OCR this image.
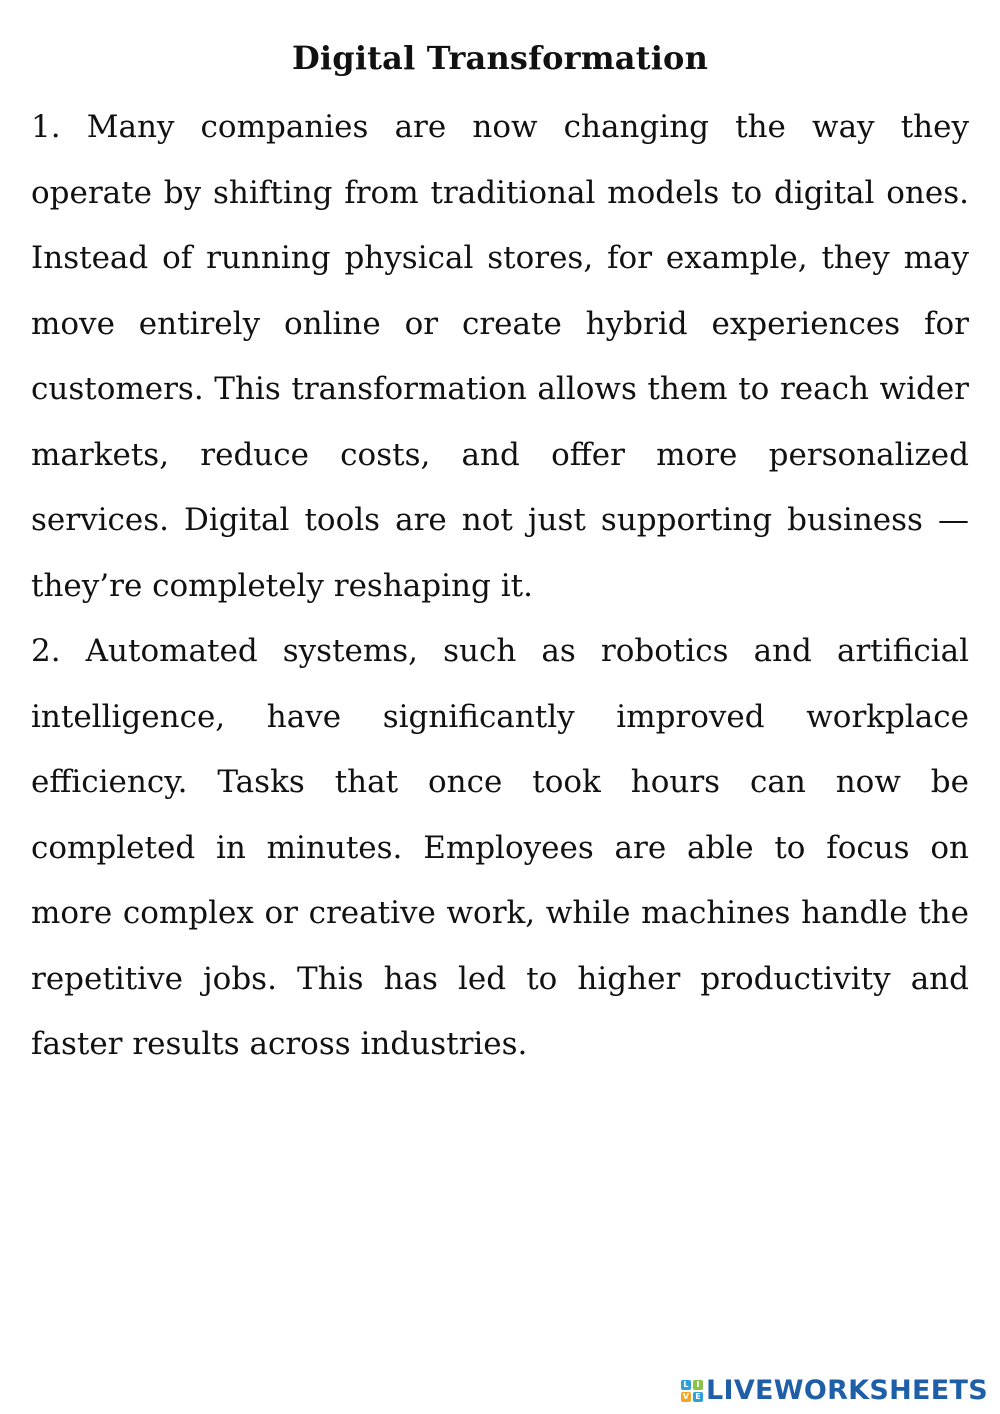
Digital Transformation

1. Many companies are now changing the way they operate by shifting from traditional models to digital ones. Instead of running physical stores, for example, they may move entirely online or create hybrid experiences for customers. This transformation allows them to reach wider markets, reduce costs, and offer more personalized services. Digital tools are not just supporting business — they’re completely reshaping it.

2. Automated systems, such as robotics and artificial intelligence, have significantly improved workplace efficiency. Tasks that once took hours can now be completed in minutes. Employees are able to focus on more complex or creative work, while machines handle the repetitive jobs. This has led to higher productivity and faster results across industries.

L I
V E LIVEWORKSHEETS
